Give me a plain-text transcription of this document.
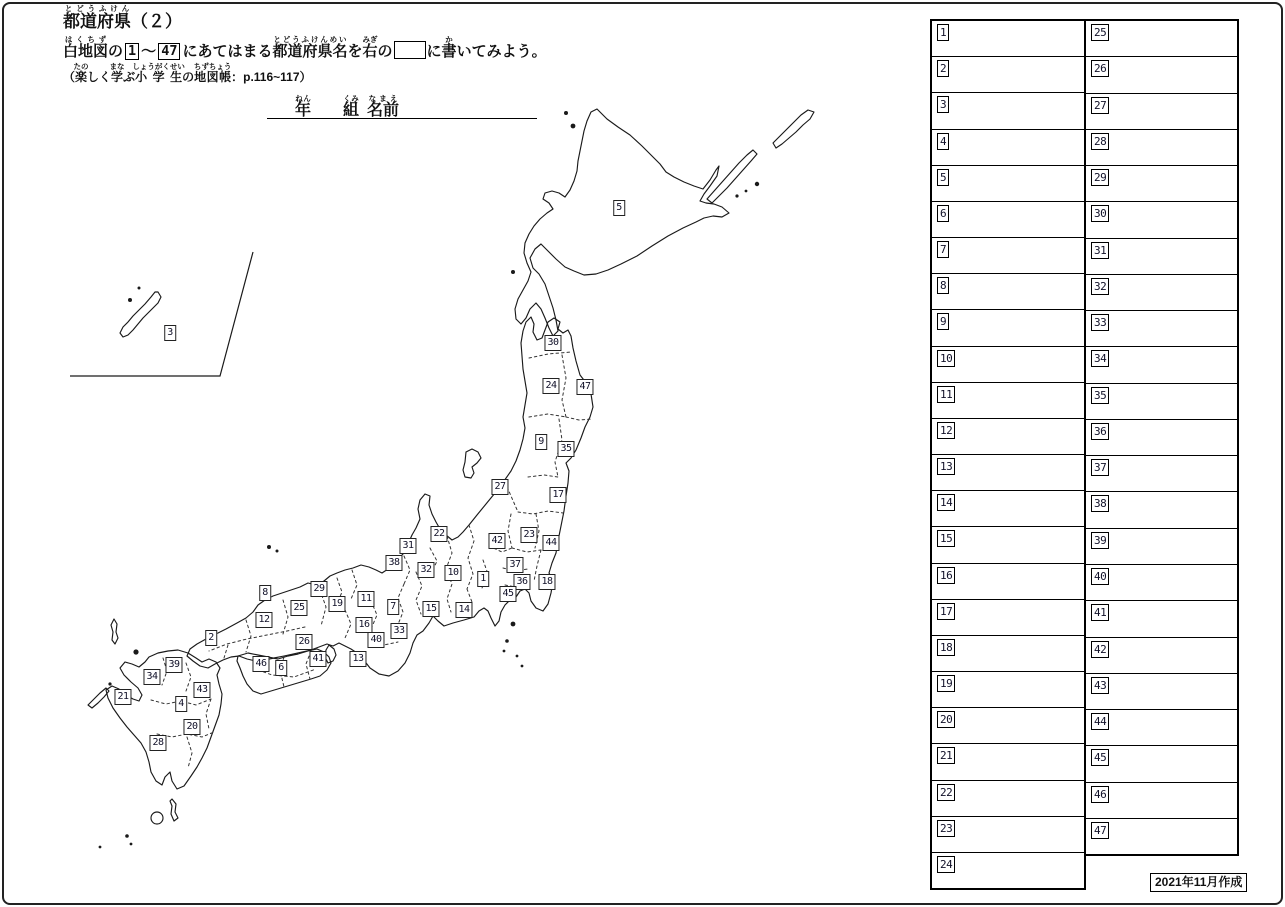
都道府県とどうふけん（２）
白地図はくちずの 1 ～ 47 にあてはまる都道府県名とどうふけんめいを右みぎの に書かいてみよう。
（楽たのしく学まなぶ小学生しょうがくせいの地図帳ちずちょう：p.116~117）
年ねん組くみ名前なまえ
1
2
3
4
5
6
7
8
9
10
11
12
13
14
15
16
17
18
19
20
21
22	23
24
25
26
27
28
29
30
31
32
33
34
35
36
37
38
39
40
41
42
43
44
45
46
47
1
2
3
4
5
6
7
8
9
10
11
12
13
14
15
16
17
18
19
20
21
22
23
24
25
26
27
28
29
30
31
32
33
34
35
36
37
38
39
40
41
42
43
44
45
46
47
2021年11月作成
